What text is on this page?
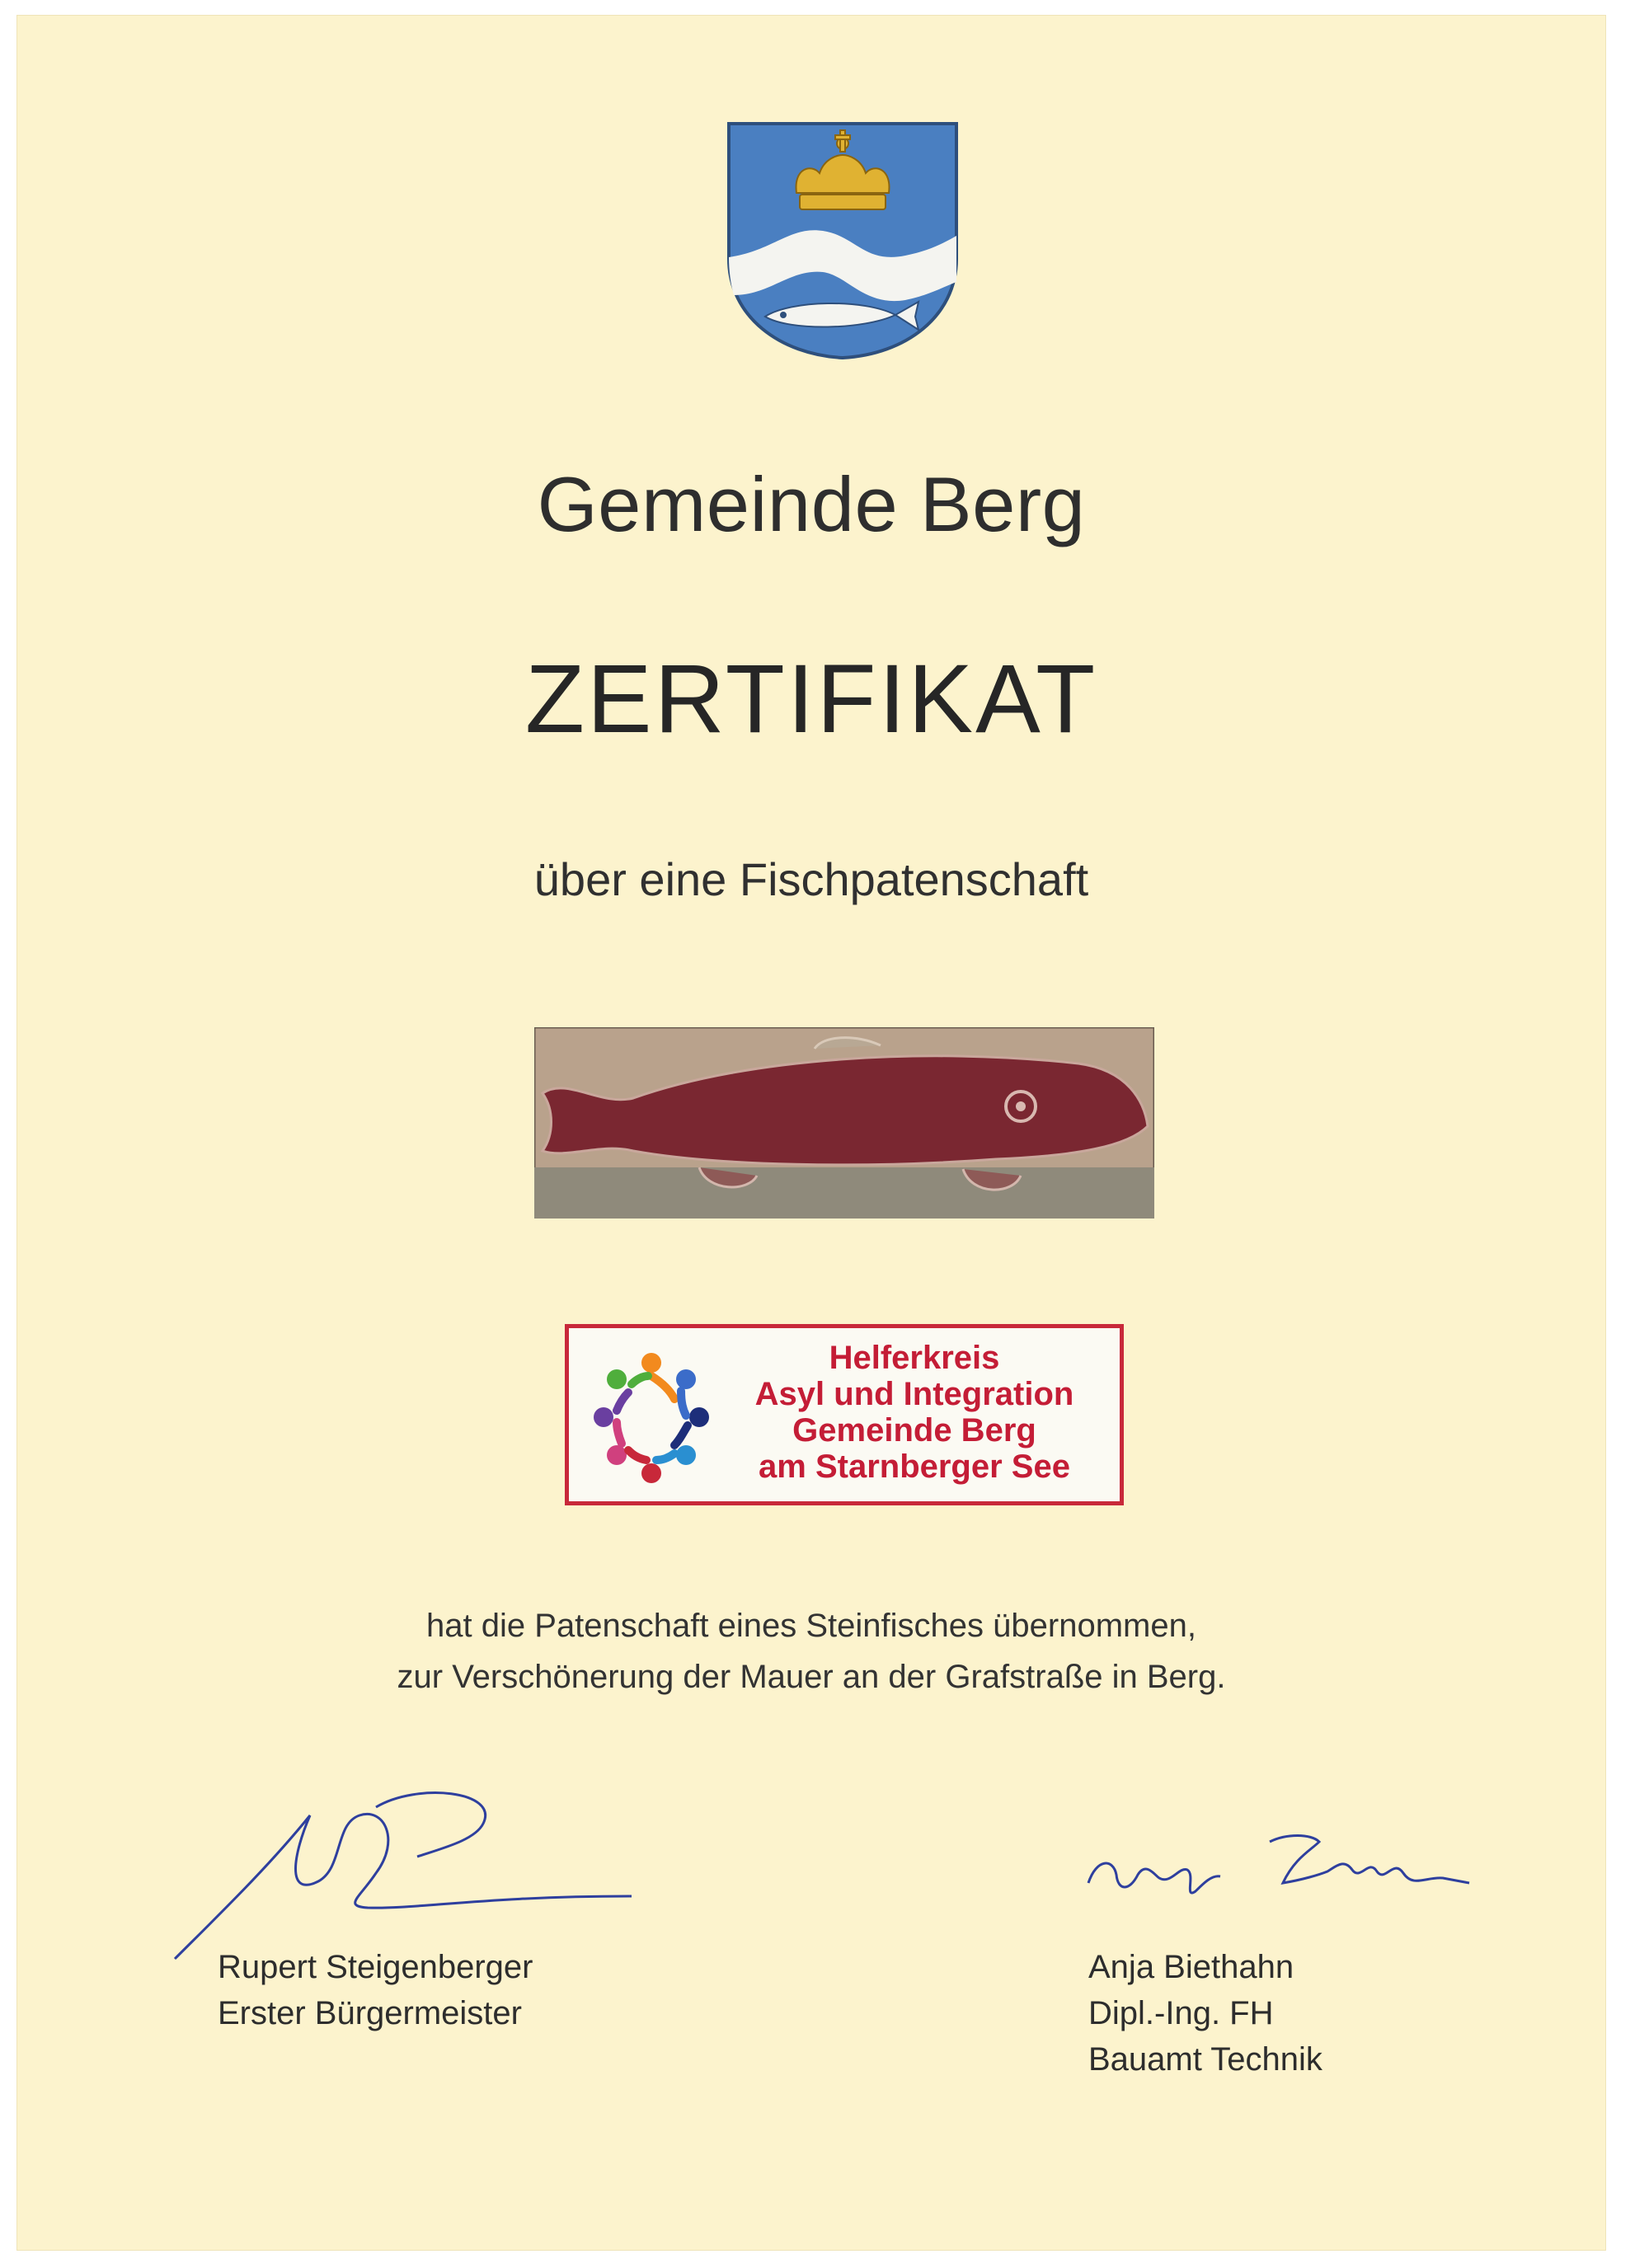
Gemeinde Berg
ZERTIFIKAT
über eine Fischpatenschaft
Helferkreis
Asyl und Integration
Gemeinde Berg
am Starnberger See
hat die Patenschaft eines Steinfisches übernommen,
zur Verschönerung der Mauer an der Grafstraße in Berg.
Rupert Steigenberger
Erster Bürgermeister
Anja Biethahn
Dipl.-Ing. FH
Bauamt Technik
